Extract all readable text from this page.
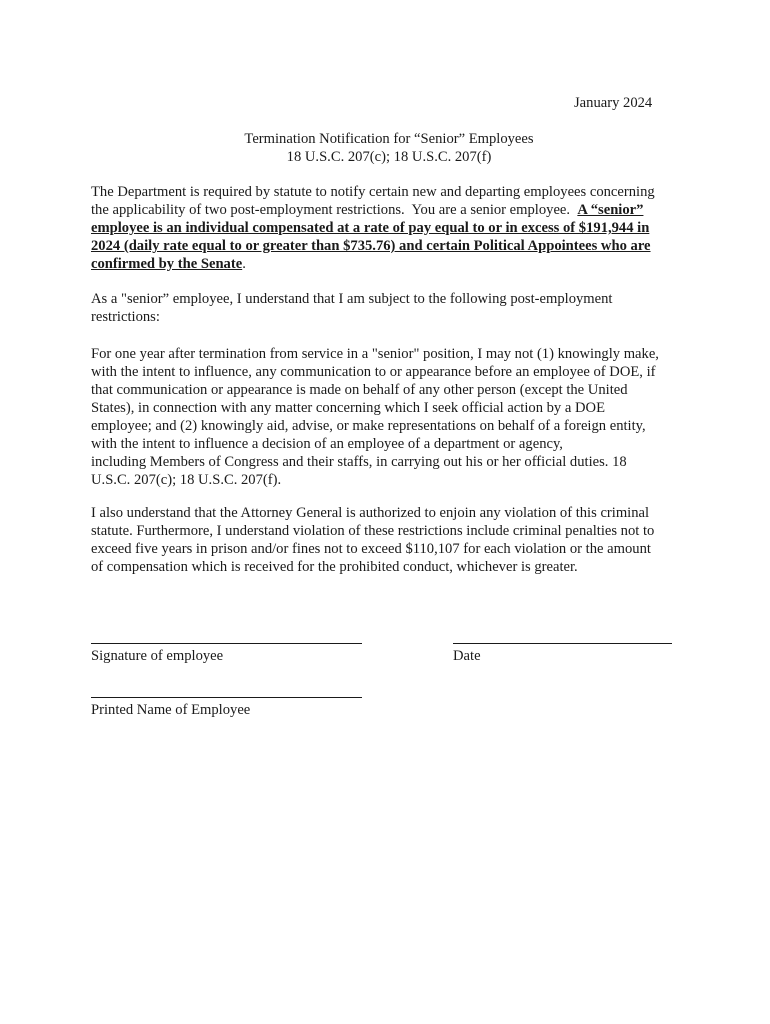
January 2024
Termination Notification for “Senior” Employees
18 U.S.C. 207(c); 18 U.S.C. 207(f)

The Department is required by statute to notify certain new and departing employees concerning
the applicability of two post-employment restrictions.  You are a senior employee.  A “senior”
employee is an individual compensated at a rate of pay equal to or in excess of $191,944 in
2024 (daily rate equal to or greater than $735.76) and certain Political Appointees who are
confirmed by the Senate.

As a "senior” employee, I understand that I am subject to the following post-employment
restrictions:

For one year after termination from service in a "senior" position, I may not (1) knowingly make,
with the intent to influence, any communication to or appearance before an employee of DOE, if
that communication or appearance is made on behalf of any other person (except the United
States), in connection with any matter concerning which I seek official action by a DOE
employee; and (2) knowingly aid, advise, or make representations on behalf of a foreign entity,
with the intent to influence a decision of an employee of a department or agency,
including Members of Congress and their staffs, in carrying out his or her official duties. 18
U.S.C. 207(c); 18 U.S.C. 207(f).

I also understand that the Attorney General is authorized to enjoin any violation of this criminal
statute. Furthermore, I understand violation of these restrictions include criminal penalties not to
exceed five years in prison and/or fines not to exceed $110,107 for each violation or the amount
of compensation which is received for the prohibited conduct, whichever is greater.

Signature of employee	Date
Printed Name of Employee
